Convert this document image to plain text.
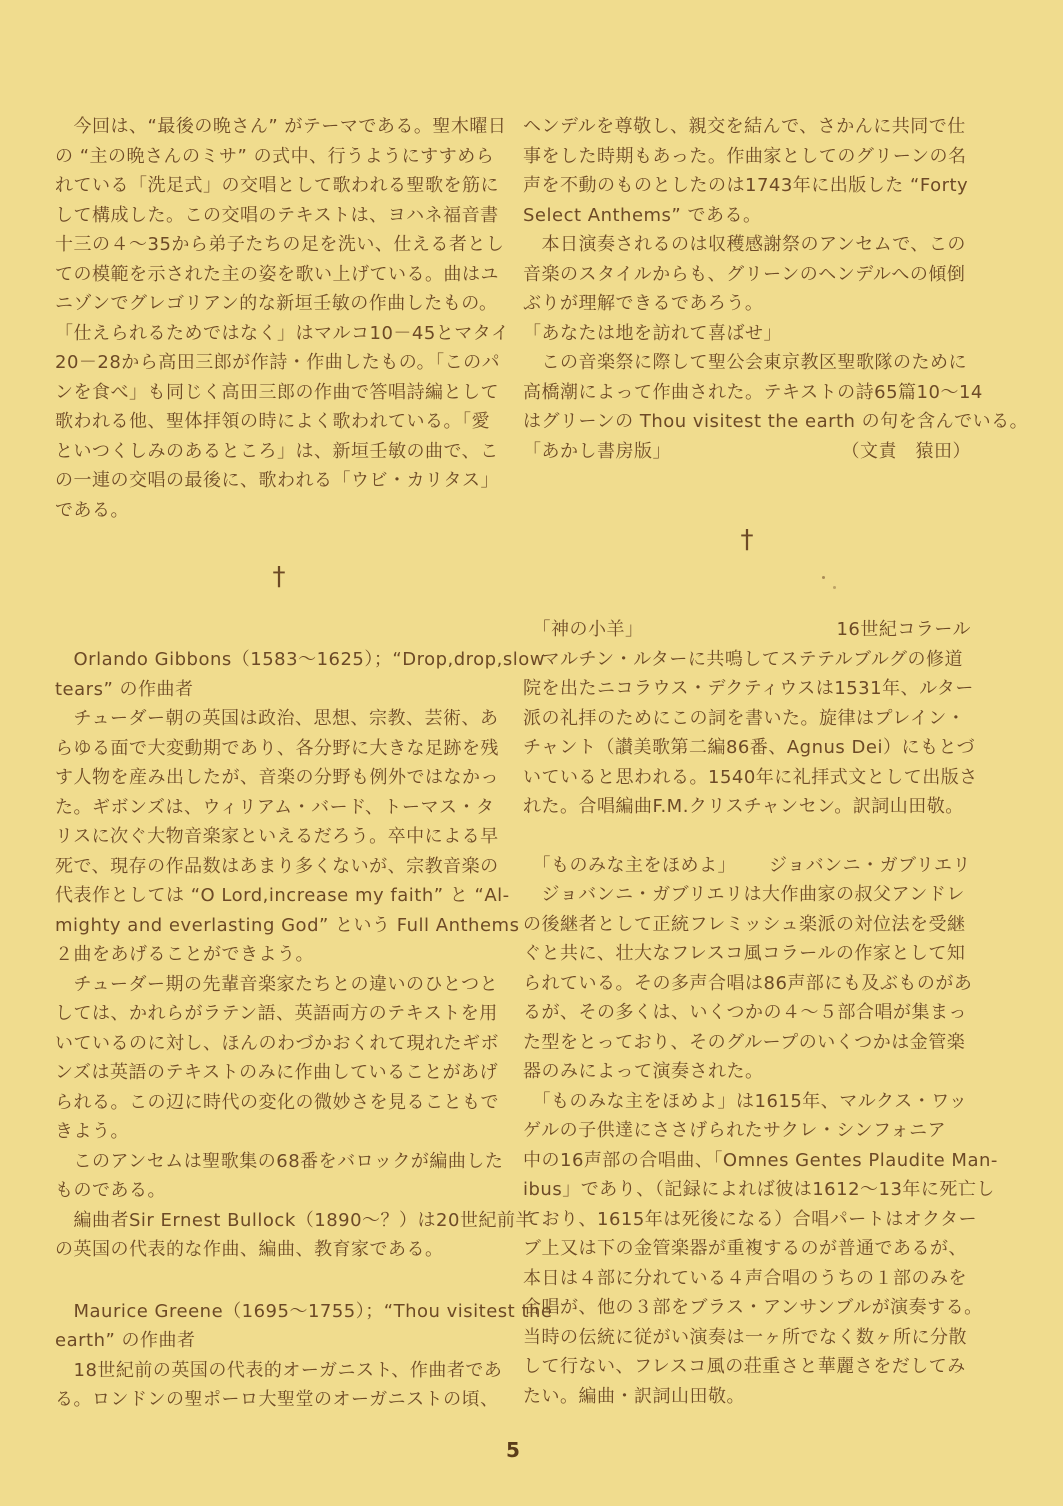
　今回は、“最後の晩さん” がテーマである。聖木曜日
の “主の晩さんのミサ” の式中、行うようにすすめら
れている「洗足式」の交唱として歌われる聖歌を筋に
して構成した。この交唱のテキストは、ヨハネ福音書
十三の４〜35から弟子たちの足を洗い、仕える者とし
ての模範を示された主の姿を歌い上げている。曲はユ
ニゾンでグレゴリアン的な新垣壬敏の作曲したもの。
「仕えられるためではなく」はマルコ10－45とマタイ
20－28から高田三郎が作詩・作曲したもの。「このパ
ンを食べ」も同じく高田三郎の作曲で答唱詩編として
歌われる他、聖体拝領の時によく歌われている。「愛
といつくしみのあるところ」は、新垣壬敏の曲で、こ
の一連の交唱の最後に、歌われる「ウビ・カリタス」
である。
†
　Orlando Gibbons（1583〜1625）；“Drop,drop,slow
tears” の作曲者
　チューダー朝の英国は政治、思想、宗教、芸術、あ
らゆる面で大変動期であり、各分野に大きな足跡を残
す人物を産み出したが、音楽の分野も例外ではなかっ
た。ギボンズは、ウィリアム・バード、トーマス・タ
リスに次ぐ大物音楽家といえるだろう。卒中による早
死で、現存の作品数はあまり多くないが、宗教音楽の
代表作としては “O Lord,increase my faith” と “Al-
mighty and everlasting God” という Full Anthems
２曲をあげることができよう。
　チューダー期の先輩音楽家たちとの違いのひとつと
しては、かれらがラテン語、英語両方のテキストを用
いているのに対し、ほんのわづかおくれて現れたギボ
ンズは英語のテキストのみに作曲していることがあげ
られる。この辺に時代の変化の微妙さを見ることもで
きよう。
　このアンセムは聖歌集の68番をバロックが編曲した
ものである。
　編曲者Sir Ernest Bullock（1890〜？）は20世紀前半
の英国の代表的な作曲、編曲、教育家である。
　Maurice Greene（1695〜1755）；“Thou visitest the
earth” の作曲者
　18世紀前の英国の代表的オーガニスト、作曲者であ
る。ロンドンの聖ポーロ大聖堂のオーガニストの頃、
ヘンデルを尊敬し、親交を結んで、さかんに共同で仕
事をした時期もあった。作曲家としてのグリーンの名
声を不動のものとしたのは1743年に出版した “Forty
Select Anthems” である。
　本日演奏されるのは収穫感謝祭のアンセムで、この
音楽のスタイルからも、グリーンのヘンデルへの傾倒
ぶりが理解できるであろう。
「あなたは地を訪れて喜ばせ」
　この音楽祭に際して聖公会東京教区聖歌隊のために
高橋潮によって作曲された。テキストの詩65篇10〜14
はグリーンの Thou visitest the earth の句を含んでいる。
「あかし書房版」	（文責　猿田）
†
　「神の小羊」	16世紀コラール
　マルチン・ルターに共鳴してステテルブルグの修道
院を出たニコラウス・デクティウスは1531年、ルター
派の礼拝のためにこの詞を書いた。旋律はプレイン・
チャント（讃美歌第二編86番、Agnus Dei）にもとづ
いていると思われる。1540年に礼拝式文として出版さ
れた。合唱編曲F.M.クリスチャンセン。訳詞山田敬。
　「ものみな主をほめよ」 ジョバンニ・ガブリエリ
　ジョバンニ・ガブリエリは大作曲家の叔父アンドレ
の後継者として正統フレミッシュ楽派の対位法を受継
ぐと共に、壮大なフレスコ風コラールの作家として知
られている。その多声合唱は86声部にも及ぶものがあ
るが、その多くは、いくつかの４〜５部合唱が集まっ
た型をとっており、そのグループのいくつかは金管楽
器のみによって演奏された。
　「ものみな主をほめよ」は1615年、マルクス・ワッ
ゲルの子供達にささげられたサクレ・シンフォニア
中の16声部の合唱曲、「Omnes Gentes Plaudite Man-
ibus」であり、（記録によれば彼は1612〜13年に死亡し
ており、1615年は死後になる）合唱パートはオクター
ブ上又は下の金管楽器が重複するのが普通であるが、
本日は４部に分れている４声合唱のうちの１部のみを
合唱が、他の３部をブラス・アンサンブルが演奏する。
当時の伝統に従がい演奏は一ヶ所でなく数ヶ所に分散
して行ない、フレスコ風の荘重さと華麗さをだしてみ
たい。編曲・訳詞山田敬。
5
